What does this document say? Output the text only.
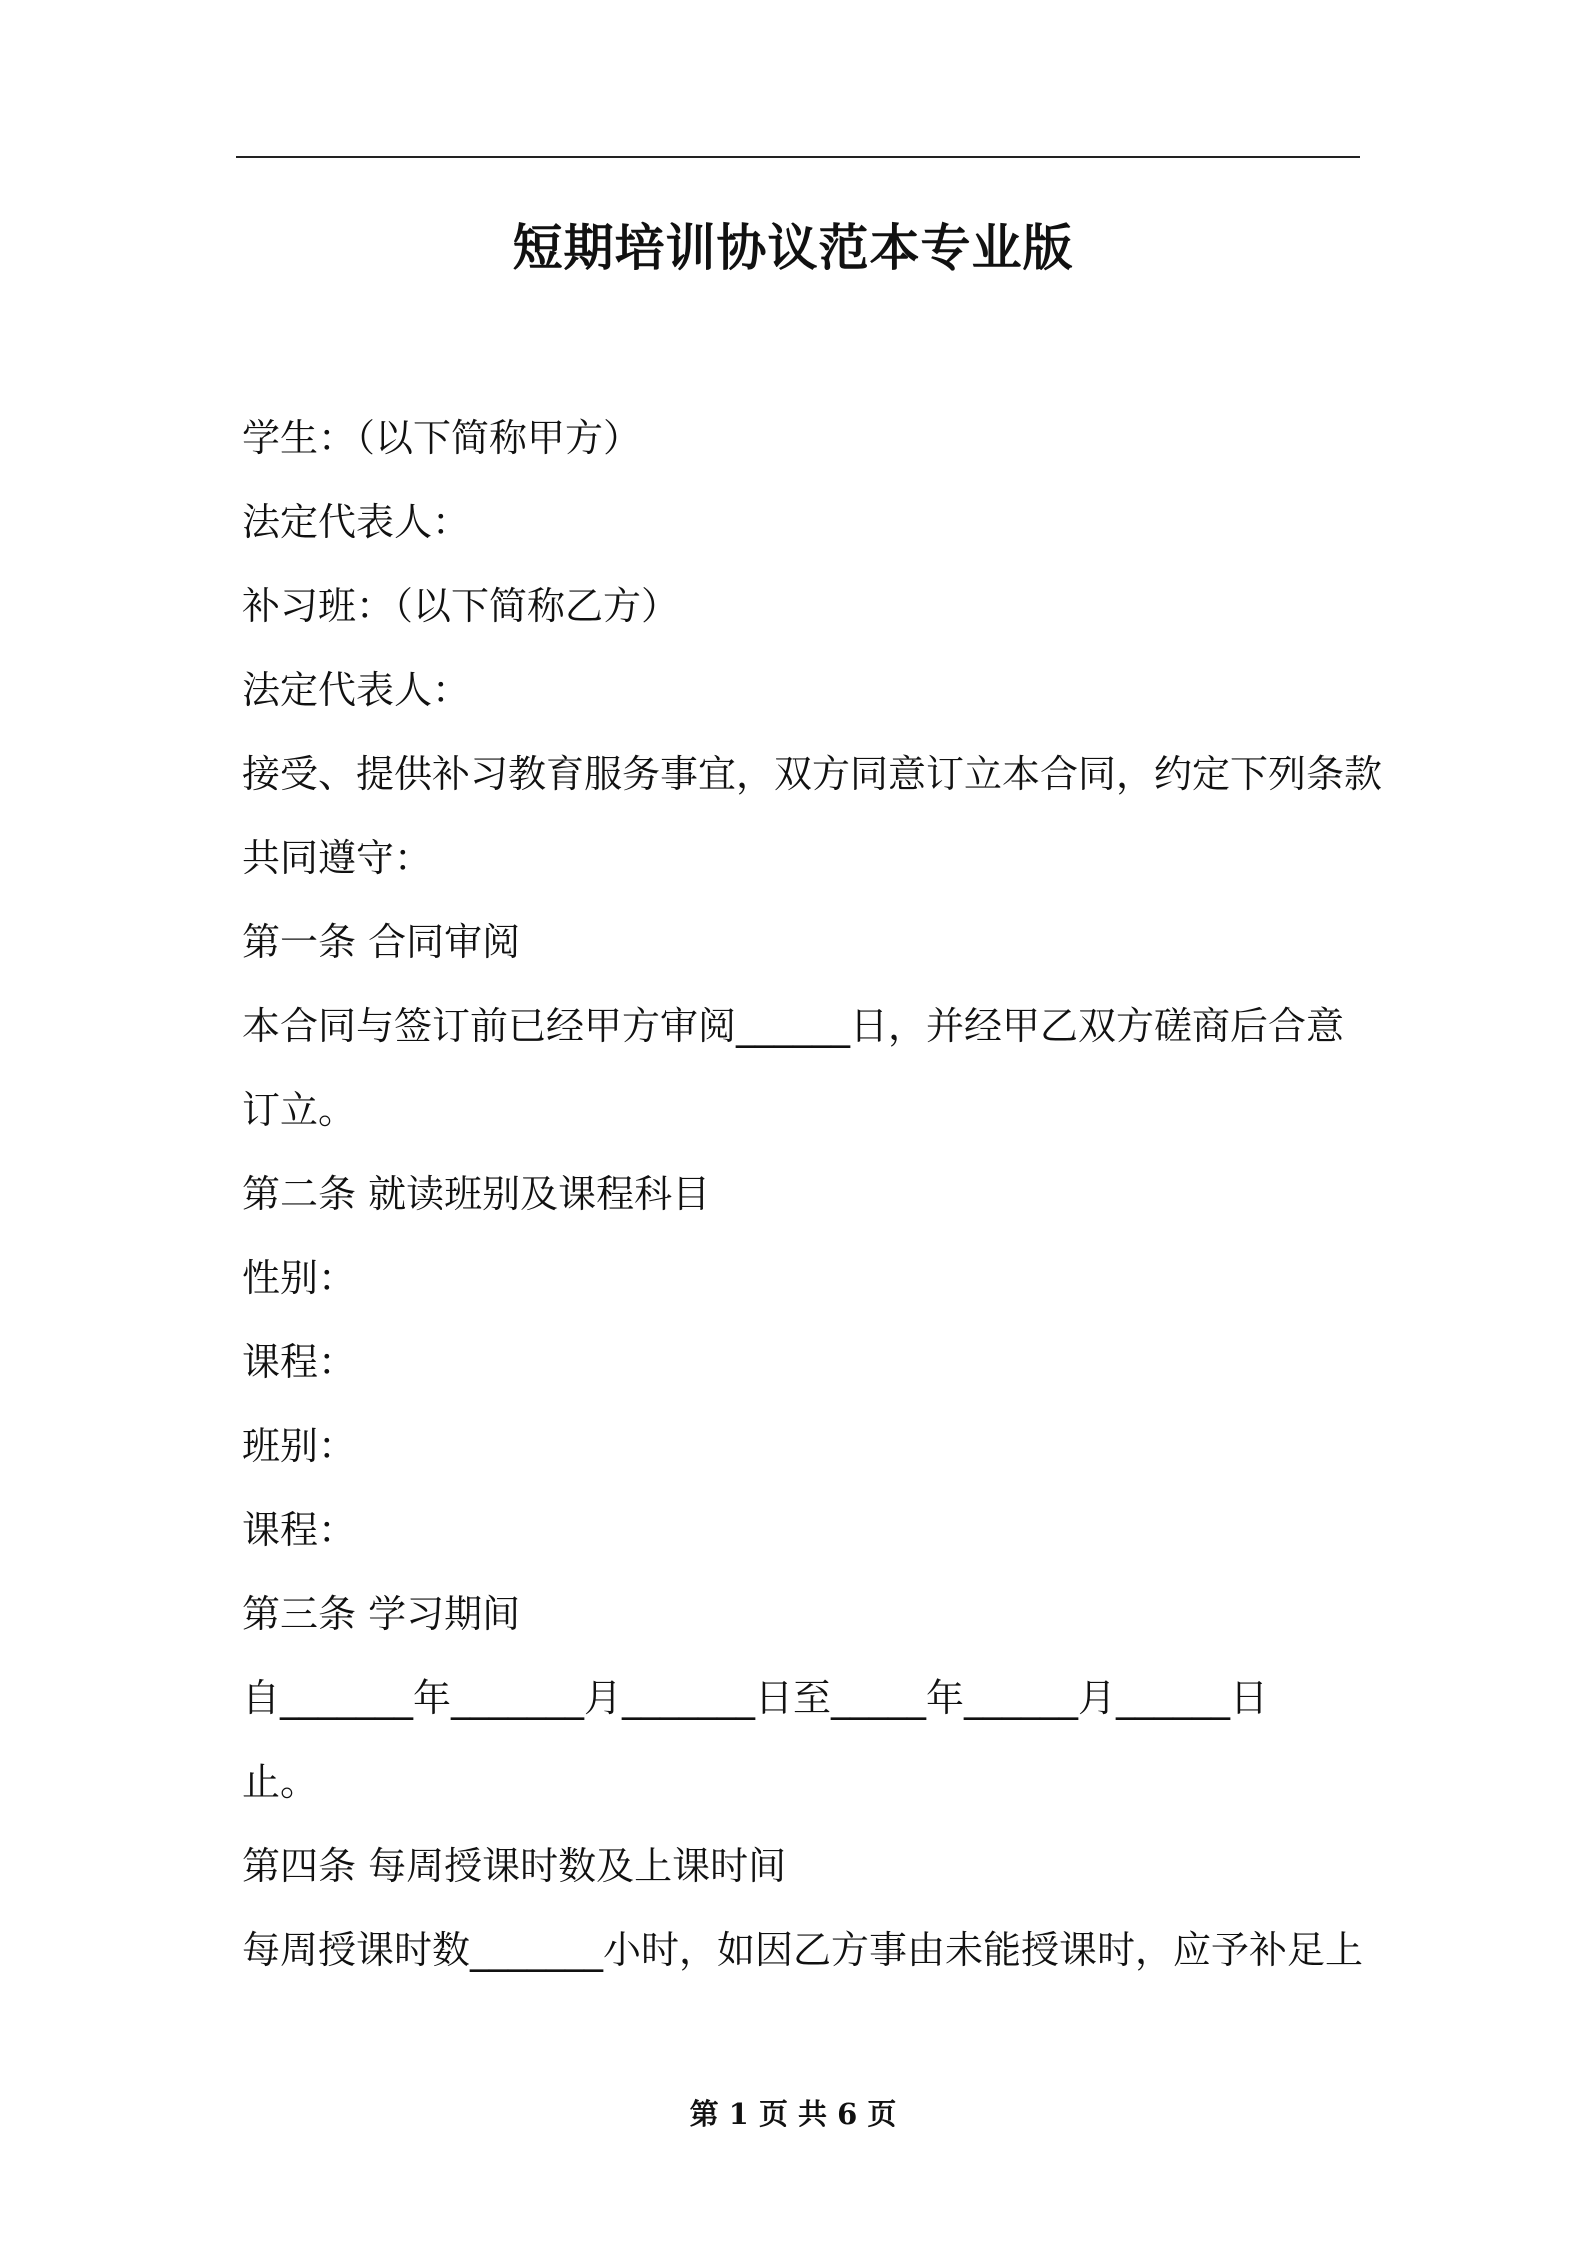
短期培训协议范本专业版
学生：（以下简称甲方）
法定代表人：
补习班：（以下简称乙方）
法定代表人：
接受、提供补习教育服务事宜，双方同意订立本合同，约定下列条款
共同遵守：
第一条 合同审阅
本合同与签订前已经甲方审阅______日，并经甲乙双方磋商后合意
订立。
第二条 就读班别及课程科目
性别：
课程：
班别：
课程：
第三条 学习期间
自_______年_______月_______日至_____年______月______日
止。
第四条 每周授课时数及上课时间
每周授课时数_______小时，如因乙方事由未能授课时，应予补足上
第 1 页 共 6 页
